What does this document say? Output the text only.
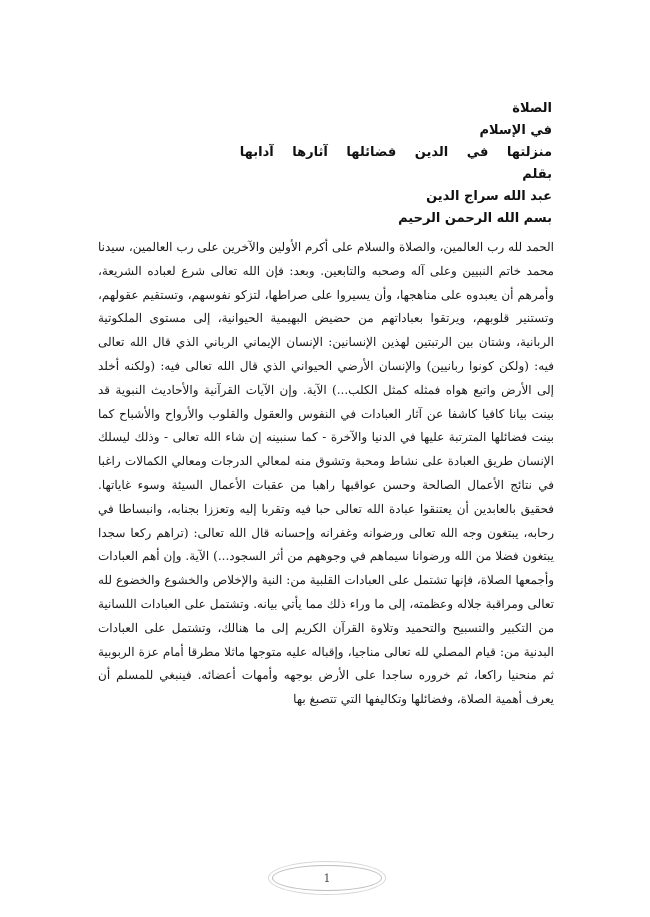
الصلاة
في الإسلام
منزلتها في الدين فضائلها آثارها آدابها
بقلم
عبد الله سراج الدين
بسم الله الرحمن الرحيم

الحمد لله رب العالمين، والصلاة والسلام على أكرم الأولين والآخرين على رب العالمين، سيدنا محمد خاتم النبيين وعلى آله وصحبه والتابعين. وبعد: فإن الله تعالى شرع لعباده الشريعة، وأمرهم أن يعبدوه على مناهجها، وأن يسيروا على صراطها، لتزكو نفوسهم، وتستقيم عقولهم، وتستنير قلوبهم، ويرتقوا بعباداتهم من حضيض البهيمية الحيوانية، إلى مستوى الملكوتية الربانية، وشتان بين الرتبتين لهذين الإنسانين: الإنسان الإيماني الرباني الذي قال الله تعالى فيه: (ولكن كونوا ربانيين) والإنسان الأرضي الحيواني الذي قال الله تعالى فيه: (ولكنه أخلد إلى الأرض واتبع هواه فمثله كمثل الكلب...) الآية. وإن الآيات القرآنية والأحاديث النبوية قد بينت بيانا كافيا كاشفا عن آثار العبادات في النفوس والعقول والقلوب والأرواح والأشباح كما بينت فضائلها المترتبة عليها في الدنيا والآخرة - كما سنبينه إن شاء الله تعالى - وذلك ليسلك الإنسان طريق العبادة على نشاط ومحبة وتشوق منه لمعالي الدرجات ومعالي الكمالات راغبا في نتائج الأعمال الصالحة وحسن عواقبها راهبا من عقبات الأعمال السيئة وسوء غاياتها. فحقيق بالعابدين أن يعتنقوا عبادة الله تعالى حبا فيه وتقربا إليه وتعززا بجنابه، وانبساطا في رحابه، يبتغون وجه الله تعالى ورضوانه وغفرانه وإحسانه قال الله تعالى: (تراهم ركعا سجدا يبتغون فضلا من الله ورضوانا سيماهم في وجوههم من أثر السجود...) الآية. وإن أهم العبادات وأجمعها الصلاة، فإنها تشتمل على العبادات القلبية من: النية والإخلاص والخشوع والخضوع لله تعالى ومراقبة جلاله وعظمته، إلى ما وراء ذلك مما يأتي بيانه. وتشتمل على العبادات اللسانية من التكبير والتسبيح والتحميد وتلاوة القرآن الكريم إلى ما هنالك، وتشتمل على العبادات البدنية من: قيام المصلي لله تعالى مناجيا، وإقباله عليه متوجها ماثلا مطرقا أمام عزة الربوبية ثم منحنيا راكعا، ثم خروره ساجدا على الأرض بوجهه وأمهات أعضائه. فينبغي للمسلم أن يعرف أهمية الصلاة، وفضائلها وتكاليفها التي تتصبغ بها

1
